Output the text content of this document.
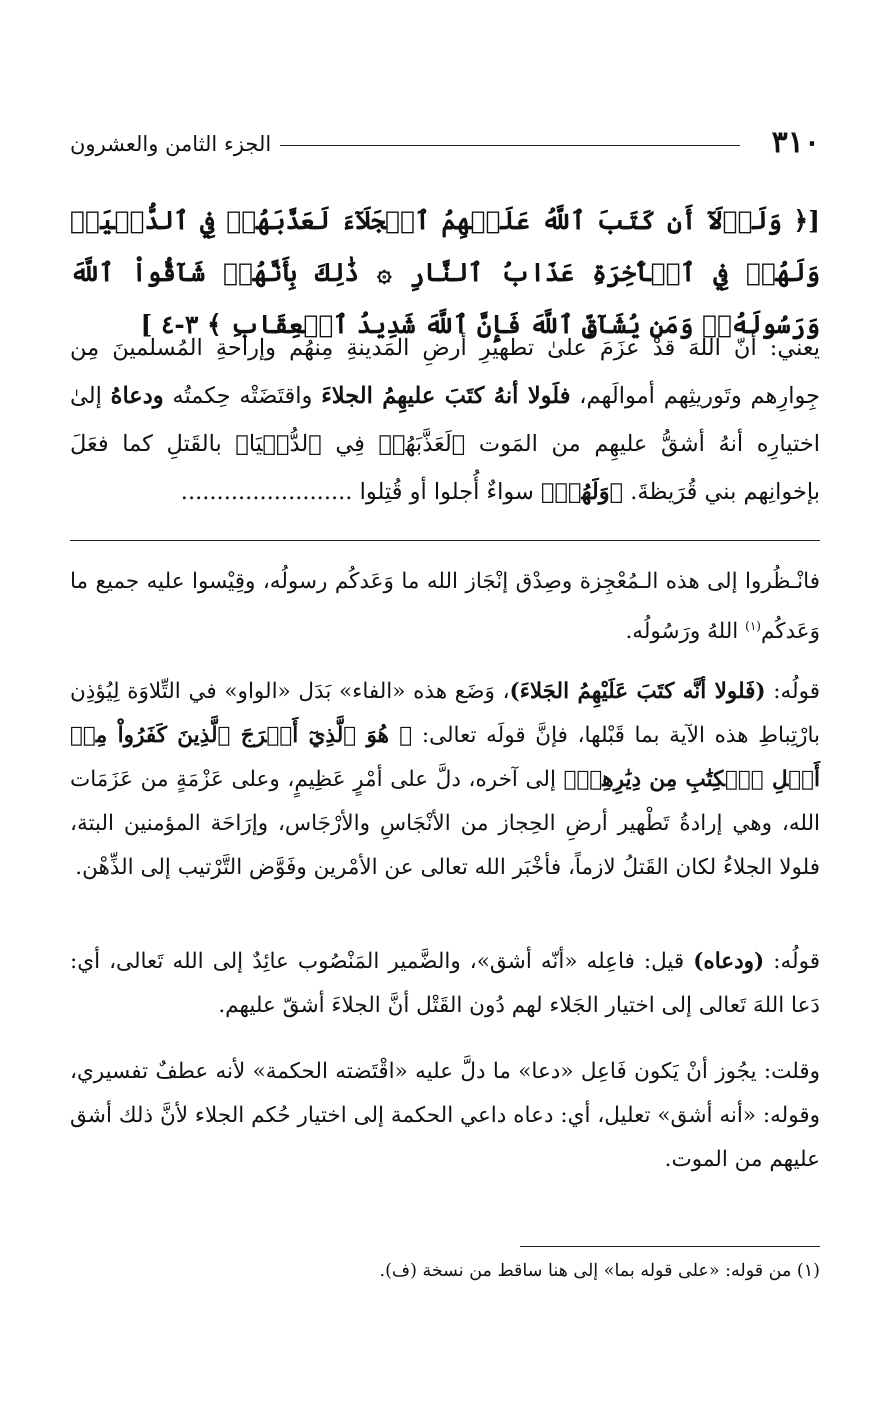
٣١٠
الجزء الثامن والعشرون

[﴿ وَلَوۡلَآ أَن كَتَبَ ٱللَّهُ عَلَيۡهِمُ ٱلۡجَلَآءَ لَعَذَّبَهُمۡ فِي ٱلدُّنۡيَاۖ وَلَهُمۡ فِي ٱلۡأٓخِرَةِ عَذَابُ ٱلنَّارِ ۞ ذَٰلِكَ بِأَنَّهُمۡ شَآقُّواْ ٱللَّهَ وَرَسُولَهُۥۖ وَمَن يُشَآقِّ ٱللَّهَ فَإِنَّ ٱللَّهَ شَدِيدُ ٱلۡعِقَابِ ﴾ ٣-٤ ]

يعني: أنّ اللهَ قدْ عزَمَ علىٰ تطهيرِ أرضِ المَدينةِ مِنهُم وإراحةِ المُسلمينَ مِن جِوارِهم وتَوريثِهم أموالَهم، فلَولا أنهُ كتَبَ عليهِمُ الجلاءَ واقتَضَتْه حِكمتُه ودعاهُ إلىٰ اختيارِه أنهُ أشقُّ عليهِم من المَوت ﴿لَعَذَّبَهُمۡ فِي ٱلدُّنۡيَا﴾ بالقَتلِ كما فعَلَ بإخوانِهم بني قُرَيظةَ. ﴿وَلَهُمۡ﴾ سواءٌ أُجلوا أو قُتِلوا ........................

فانْـظُروا إلى هذه الـمُعْجِزة وصِدْق إنْجَاز الله ما وَعَدكُم رسولُه، وقِيْسوا عليه جميع ما وَعَدكُم$^{(١)}$ اللهُ ورَسُولُه.

قولُه: (فَلولا أنَّه كتَبَ عَلَيْهِمُ الجَلاءَ)، وَضَع هذه «الفاء» بَدَل «الواو» في التِّلاوَة لِيُؤذِن بارْتِباطِ هذه الآية بما قَبْلها، فإنَّ قولَه تعالى: ﴿ هُوَ ٱلَّذِيٓ أَخۡرَجَ ٱلَّذِينَ كَفَرُواْ مِنۡ أَهۡلِ ٱلۡكِتَٰبِ مِن دِيَٰرِهِمۡ﴾ إلى آخره، دلَّ على أمْرٍ عَظِيمٍ، وعلى عَزْمَةٍ من عَزَمَات الله، وهي إرادةُ تَطْهير أرضِ الحِجاز من الأنْجَاسِ والأرْجَاس، وإرَاحَة المؤمنين البتة، فلولا الجلاءُ لكان القَتلُ لازماً، فأخْبَر الله تعالى عن الأمْرين وفَوَّض التَّرْتيب إلى الذِّهْن.

قولُه: (ودعاه) قيل: فاعِله «أنّه أشق»، والضَّمير المَنْصُوب عائِدٌ إلى الله تَعالى، أي: دَعا اللهَ تَعالى إلى اختيار الجَلاء لهم دُون القَتْل أنَّ الجلاءَ أشقّ عليهم.

وقلت: يجُوز أنْ يَكون فَاعِل «دعا» ما دلَّ عليه «اقْتَضته الحكمة» لأنه عطفٌ تفسيري، وقوله: «أنه أشق» تعليل، أي: دعاه داعي الحكمة إلى اختيار حُكم الجلاء لأنَّ ذلك أشق عليهم من الموت.

(١) من قوله: «على قوله بما» إلى هنا ساقط من نسخة (ف).
